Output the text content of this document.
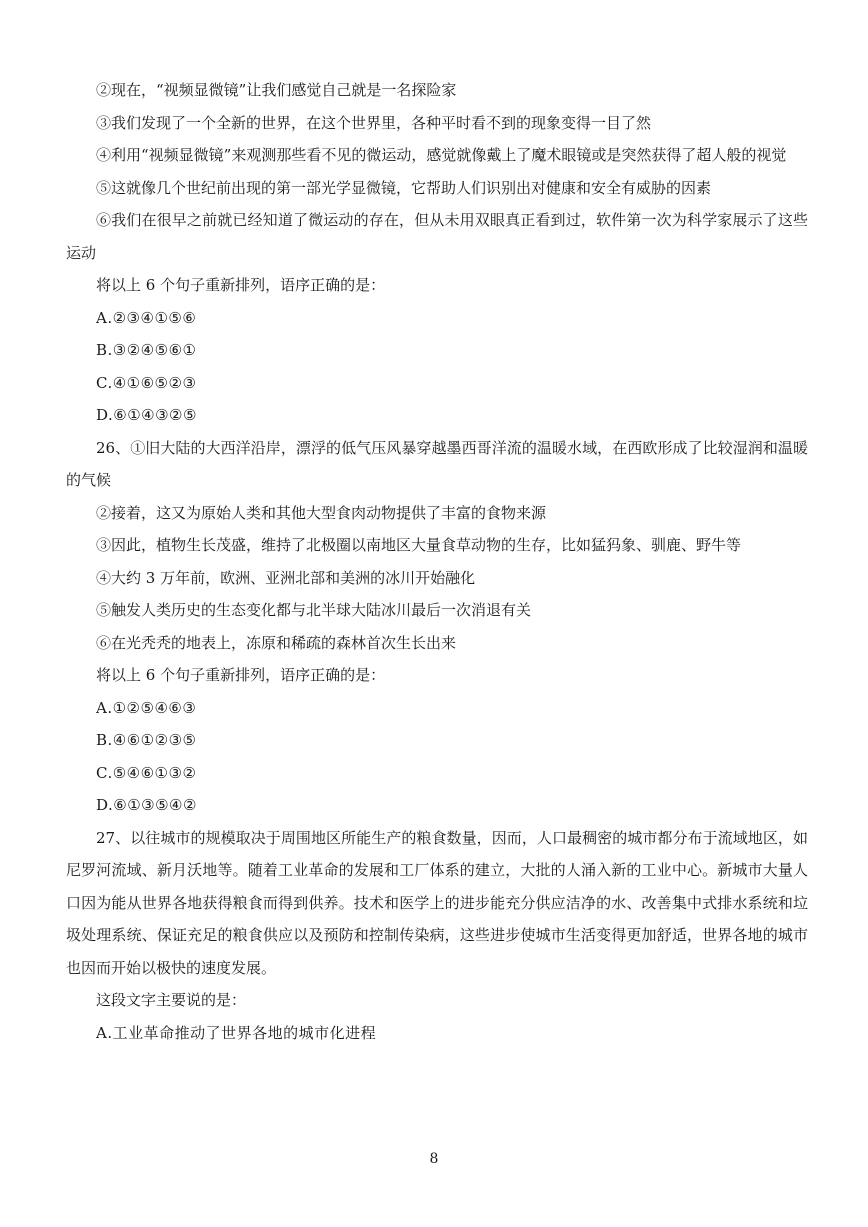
②现在，“视频显微镜”让我们感觉自己就是一名探险家

③我们发现了一个全新的世界，在这个世界里，各种平时看不到的现象变得一目了然

④利用“视频显微镜”来观测那些看不见的微运动，感觉就像戴上了魔术眼镜或是突然获得了超人般的视觉

⑤这就像几个世纪前出现的第一部光学显微镜，它帮助人们识别出对健康和安全有威胁的因素

⑥我们在很早之前就已经知道了微运动的存在，但从未用双眼真正看到过，软件第一次为科学家展示了这些运动

将以上 6 个句子重新排列，语序正确的是：

A.②③④①⑤⑥

B.③②④⑤⑥①

C.④①⑥⑤②③

D.⑥①④③②⑤

26、①旧大陆的大西洋沿岸，漂浮的低气压风暴穿越墨西哥洋流的温暖水域，在西欧形成了比较湿润和温暖的气候

②接着，这又为原始人类和其他大型食肉动物提供了丰富的食物来源

③因此，植物生长茂盛，维持了北极圈以南地区大量食草动物的生存，比如猛犸象、驯鹿、野牛等

④大约 3 万年前，欧洲、亚洲北部和美洲的冰川开始融化

⑤触发人类历史的生态变化都与北半球大陆冰川最后一次消退有关

⑥在光秃秃的地表上，冻原和稀疏的森林首次生长出来

将以上 6 个句子重新排列，语序正确的是：

A.①②⑤④⑥③

B.④⑥①②③⑤

C.⑤④⑥①③②

D.⑥①③⑤④②

27、以往城市的规模取决于周围地区所能生产的粮食数量，因而，人口最稠密的城市都分布于流域地区，如尼罗河流域、新月沃地等。随着工业革命的发展和工厂体系的建立，大批的人涌入新的工业中心。新城市大量人口因为能从世界各地获得粮食而得到供养。技术和医学上的进步能充分供应洁净的水、改善集中式排水系统和垃圾处理系统、保证充足的粮食供应以及预防和控制传染病，这些进步使城市生活变得更加舒适，世界各地的城市也因而开始以极快的速度发展。

这段文字主要说的是：

A.工业革命推动了世界各地的城市化进程

8
